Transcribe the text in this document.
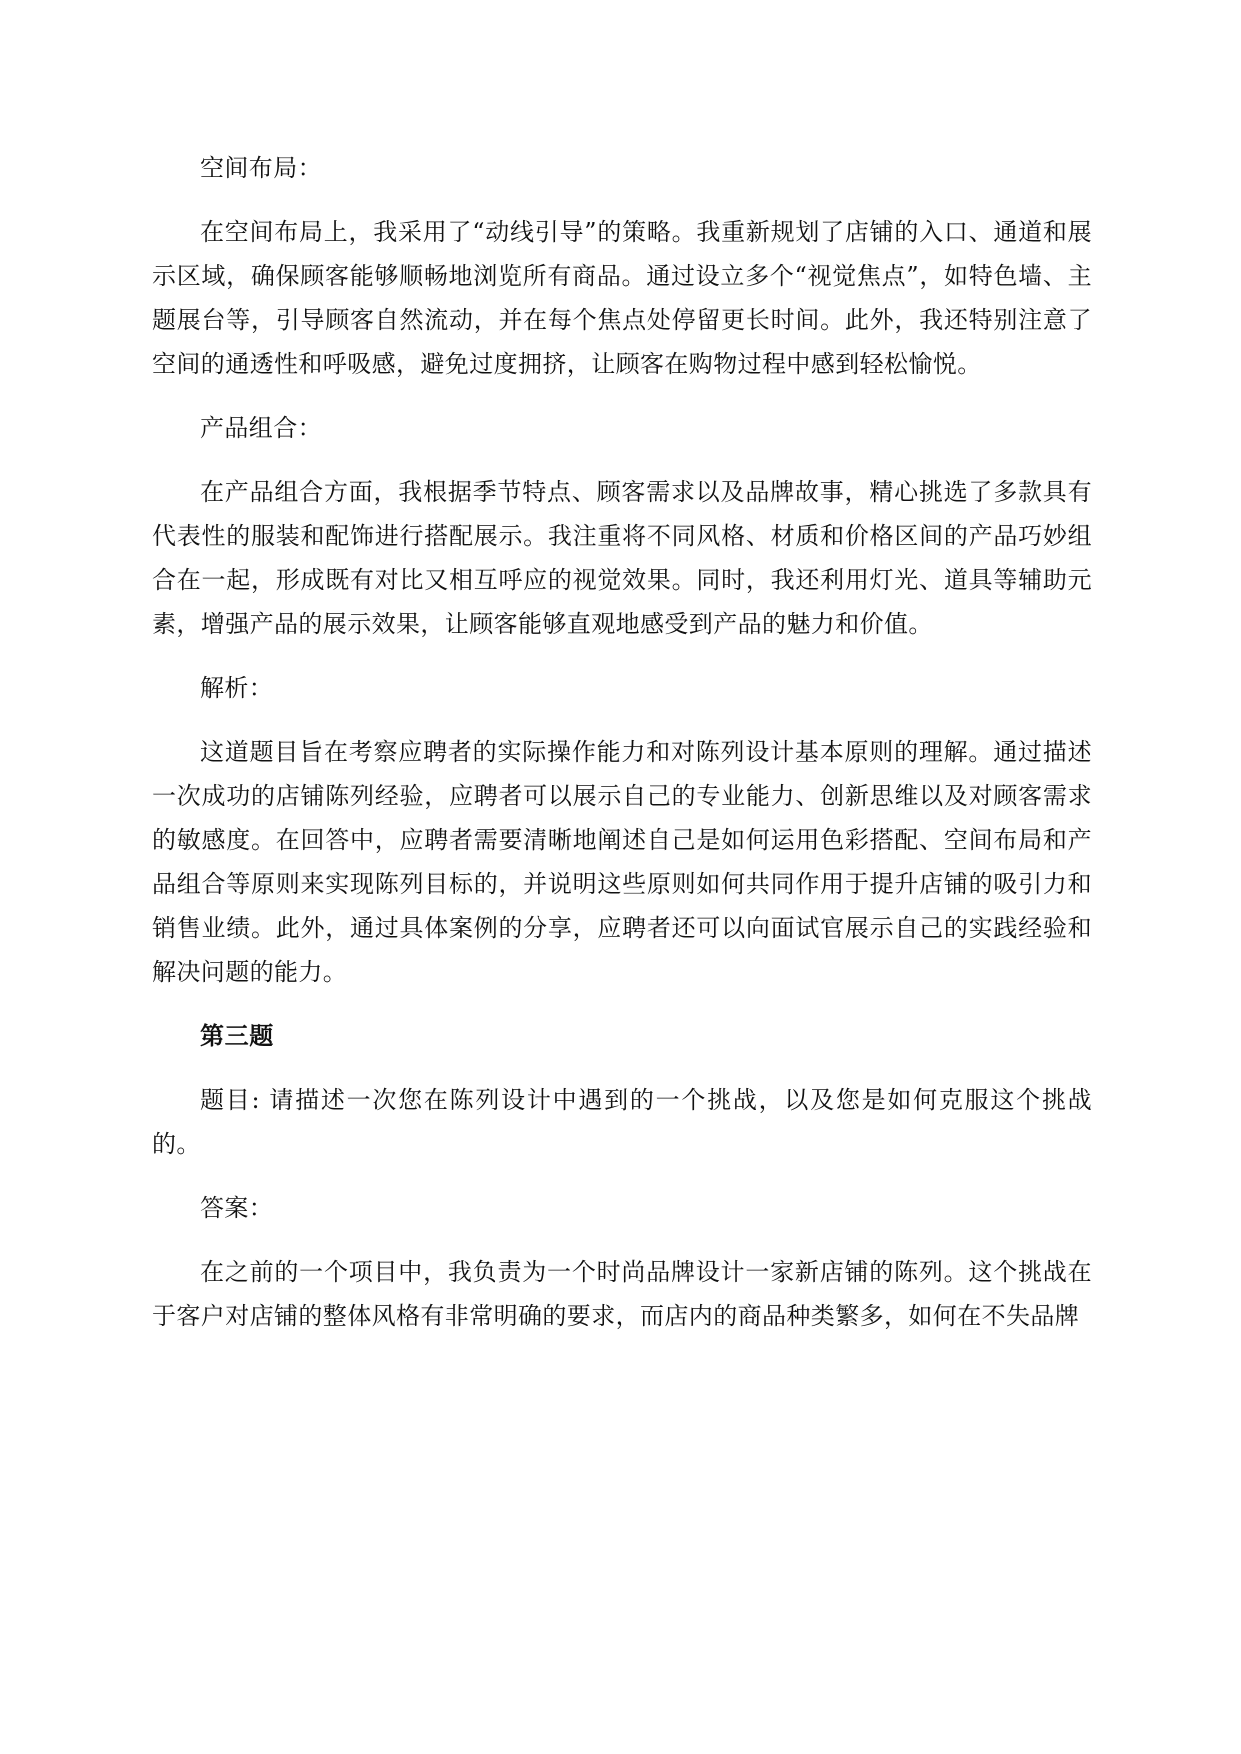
空间布局：

在空间布局上，我采用了“动线引导”的策略。我重新规划了店铺的入口、通道和展示区域，确保顾客能够顺畅地浏览所有商品。通过设立多个“视觉焦点”，如特色墙、主题展台等，引导顾客自然流动，并在每个焦点处停留更长时间。此外，我还特别注意了空间的通透性和呼吸感，避免过度拥挤，让顾客在购物过程中感到轻松愉悦。

产品组合：

在产品组合方面，我根据季节特点、顾客需求以及品牌故事，精心挑选了多款具有代表性的服装和配饰进行搭配展示。我注重将不同风格、材质和价格区间的产品巧妙组合在一起，形成既有对比又相互呼应的视觉效果。同时，我还利用灯光、道具等辅助元素，增强产品的展示效果，让顾客能够直观地感受到产品的魅力和价值。

解析：

这道题目旨在考察应聘者的实际操作能力和对陈列设计基本原则的理解。通过描述一次成功的店铺陈列经验，应聘者可以展示自己的专业能力、创新思维以及对顾客需求的敏感度。在回答中，应聘者需要清晰地阐述自己是如何运用色彩搭配、空间布局和产品组合等原则来实现陈列目标的，并说明这些原则如何共同作用于提升店铺的吸引力和销售业绩。此外，通过具体案例的分享，应聘者还可以向面试官展示自己的实践经验和解决问题的能力。

第三题

题目: 请描述一次您在陈列设计中遇到的一个挑战，以及您是如何克服这个挑战的。

答案：

在之前的一个项目中，我负责为一个时尚品牌设计一家新店铺的陈列。这个挑战在于客户对店铺的整体风格有非常明确的要求，而店内的商品种类繁多，如何在不失品牌
